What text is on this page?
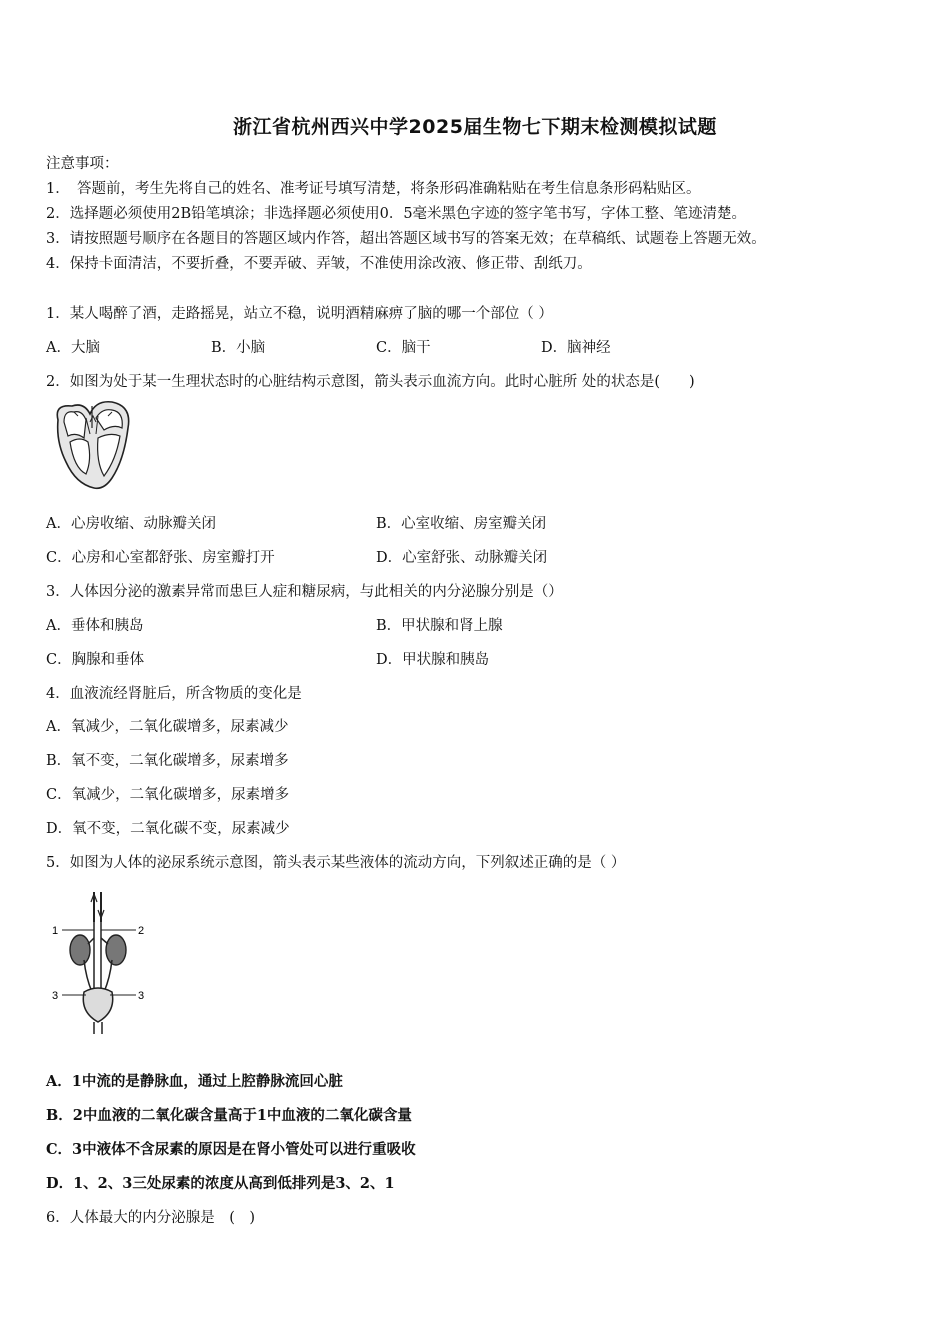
浙江省杭州西兴中学2025届生物七下期末检测模拟试题
注意事项：
1．　答题前，考生先将自己的姓名、准考证号填写清楚，将条形码准确粘贴在考生信息条形码粘贴区。
2．选择题必须使用2B铅笔填涂；非选择题必须使用0．5毫米黑色字迹的签字笔书写，字体工整、笔迹清楚。
3．请按照题号顺序在各题目的答题区域内作答，超出答题区域书写的答案无效；在草稿纸、试题卷上答题无效。
4．保持卡面清洁，不要折叠，不要弄破、弄皱，不准使用涂改液、修正带、刮纸刀。
1．某人喝醉了酒，走路摇晃，站立不稳，说明酒精麻痹了脑的哪一个部位（ ）
A．大脑	B．小脑	C．脑干	D．脑神经
2．如图为处于某一生理状态时的心脏结构示意图，箭头表示血流方向。此时心脏所 处的状态是(　　)
A．心房收缩、动脉瓣关闭	B．心室收缩、房室瓣关闭
C．心房和心室都舒张、房室瓣打开	D．心室舒张、动脉瓣关闭
3．人体因分泌的激素异常而患巨人症和糖尿病，与此相关的内分泌腺分别是（）
A．垂体和胰岛	B．甲状腺和肾上腺
C．胸腺和垂体	D．甲状腺和胰岛
4．血液流经肾脏后，所含物质的变化是
A．氧减少，二氧化碳增多，尿素减少
B．氧不变，二氧化碳增多，尿素增多
C．氧减少，二氧化碳增多，尿素增多
D．氧不变，二氧化碳不变，尿素减少
5．如图为人体的泌尿系统示意图，箭头表示某些液体的流动方向，下列叙述正确的是（ ）
1	2
3	3
A．1中流的是静脉血，通过上腔静脉流回心脏
B．2中血液的二氧化碳含量高于1中血液的二氧化碳含量
C．3中液体不含尿素的原因是在肾小管处可以进行重吸收
D．1、2、3三处尿素的浓度从高到低排列是3、2、1
6．人体最大的内分泌腺是　(　)
